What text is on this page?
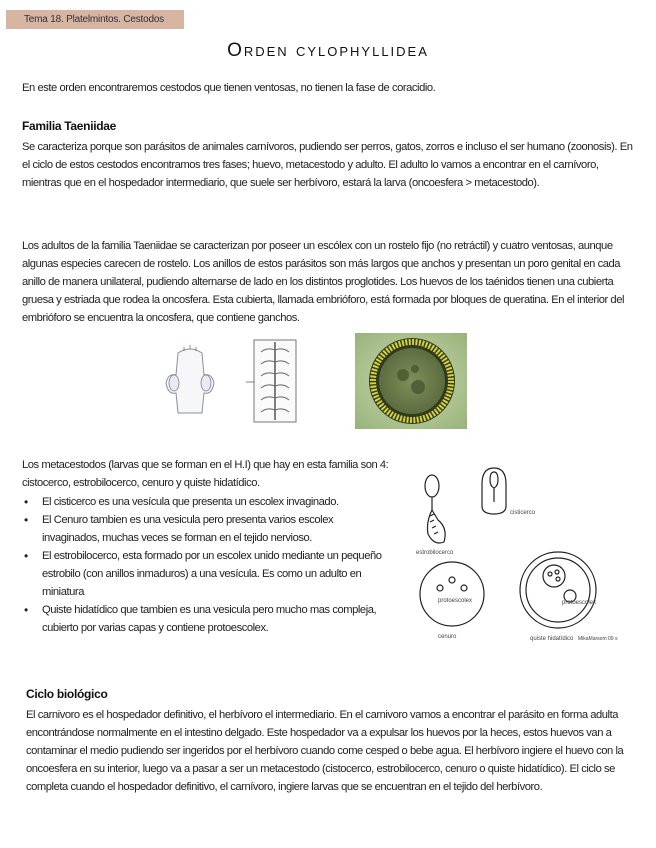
Tema 18. Platelmintos. Cestodos
Orden cylophyllidea

En este orden encontraremos cestodos que tienen ventosas, no tienen la fase de coracidio.

Familia Taeniidae

Se caracteriza porque son parásitos de animales carnívoros, pudiendo ser perros, gatos, zorros e incluso el ser humano (zoonosis). En el ciclo de estos cestodos encontramos tres fases; huevo, metacestodo y adulto. El adulto lo vamos a encontrar en el carnívoro, mientras que en el hospedador intermediario, que suele ser herbívoro, estará la larva (oncoesfera > metacestodo).

Los adultos de la familia Taeniidae se caracterizan por poseer un escólex con un rostelo fijo (no retráctil) y cuatro ventosas, aunque algunas especies carecen de rostelo. Los anillos de estos parásitos son más largos que anchos y presentan un poro genital en cada anillo de manera unilateral, pudiendo alternarse de lado en los distintos proglotides. Los huevos de los taénidos tienen una cubierta gruesa y estriada que rodea la oncosfera. Esta cubierta, llamada embrióforo, está formada por bloques de queratina. En el interior del embrióforo se encuentra la oncosfera, que contiene ganchos.

Los metacestodos (larvas que se forman en el H.I) que hay en esta familia son 4: cistocerco, estrobilocerco, cenuro y quiste hidatídico.

• El cisticerco es una vesícula que presenta un escolex invaginado.
• El Cenuro tambien es una vesicula pero presenta varios escolex invaginados, muchas veces se forman en el tejido nervioso.
• El estrobilocerco, esta formado por un escolex unido mediante un pequeño estrobilo (con anillos inmaduros) a una vesícula. Es como un adulto en miniatura
• Quiste hidatídico que tambien es una vesicula pero mucho mas compleja, cubierto por varias capas y contiene protoescolex.
cisticerco
estrobilocerco
protoescolex
cenuro
protoescolex
quiste hidatídico MikaMarsom 09 s
Ciclo biológico

El carnivoro es el hospedador definitivo, el herbívoro el intermediario. En el carnivoro vamos a encontrar el parásito en forma adulta encontrándose normalmente en el intestino delgado. Este hospedador va a expulsar los huevos por la heces, estos huevos van a contaminar el medio pudiendo ser ingeridos por el herbívoro cuando come cesped o bebe agua. El herbívoro ingiere el huevo con la oncoesfera en su interior, luego va a pasar a ser un metacestodo (cistocerco, estrobilocerco, cenuro o quiste hidatídico). El ciclo se completa cuando el hospedador definitivo, el carnívoro, ingiere larvas que se encuentran en el tejido del herbívoro.
